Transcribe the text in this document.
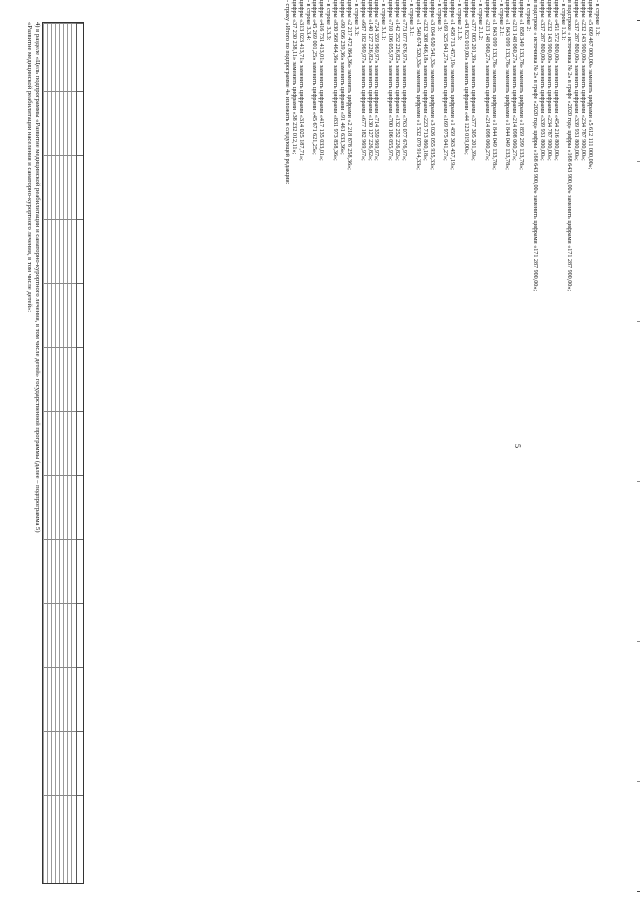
5
- в строке 1.3:
цифры «5 609 467 000,00» заменить цифрами «5 612 111 000,00»;
цифры «232 143 900,00» заменить цифрами «234 787 900,00»;
цифры «337 287 800,00» заменить цифрами «339 931 800,00»;
в подстроке « источника № 2» в графе «2020 год» цифры «168 643 900,00» заменить цифрами «171 287 900,00»;
- в строке 1.3.1:
цифры «451 572 800,00» заменить цифрами «454 216 800,00»;
цифры «232 143 900,00» заменить цифрами «234 787 900,00»;
цифры «337 287 800,00» заменить цифрами «339 931 800,00»;
в подстроке « источника № 2» в графе «2020 год» цифры «168 643 900,00» заменить цифрами «171 287 900,00»;
- в строке 2:
цифры «1 858 349 133,78» заменить цифрами «1 859 299 133,78»;
цифры «213 148 060,27» заменить цифрами «214 098 060,27»;
цифры «1 843 099 133,78» заменить цифрами «1 844 049 133,78»;
- в строке 2.1:
цифры «1 843 099 133,78» заменить цифрами «1 844 049 133,78»;
цифры «213 148 060,27» заменить цифрами «214 098 060,27»;
- в строке 2.1.2:
цифры «377 005 201,39» заменить цифрами «377 305 201,39»;
цифры «43 823 019,00» заменить цифрами «44 123 019,00»;
- в строке 2.1.3:
цифры «1 458 713 457,19» заменить цифрами «1 459 363 457,19»;
цифры «169 325 041,27» заменить цифрами «169 975 041,27»;
- в строке 3:
цифры «3 034 650 541,33» заменить цифрами «3 026 055 935,33»;
цифры «232 308 466,18» заменить цифрами «223 713 860,18»;
цифры «1 540 674 520,33» заменить цифрами «1 532 079 914,33»;
- в строке 3.1:
цифры «773 077 676,97» заменить цифрами «763 077 676,97»;
цифры «142 252 226,82» заменить цифрами «132 252 226,82»;
цифры «710 106 055,97» заменить цифрами «700 106 055,97»;
- в строке 3.1.1:
цифры «724 359 969,97» заменить цифрами «714 359 969,97»;
цифры «140 127 226,82» заменить цифрами «130 127 226,82»;
цифры «687 182 969,97» заменить цифрами «677 182 969,97»;
- в строке 3.3:
цифры «2 217 472 864,36» заменить цифрами «2 218 878 258,36»;
цифры «90 056 239,36» заменить цифрами «91 461 633,36»;
цифры «830 568 464,36» заменить цифрами «831 973 858,36»;
- в строке 3.3.3:
цифры «416 731 413,01» заменить цифрами «417 135 033,01»;
цифры «45 269 001,25» заменить цифрами «45 671 621,25»;
- в строке 3.3.4:
цифры «313 023 413,71» заменить цифрами «314 025 187,71»;
цифры «37 230 238,11» заменить цифрами «38 232 012,11»;
- строку «Итого по подпрограмме 4» изложить в следующей редакции:
4) в разделе «Цель подпрограммы «Развитие медицинской реабилитации и санаторно-курортного лечения, в том числе детей» государственной программы (далее – подпрограмма 5)
«Развитие медицинской реабилитации населения и санаторно-курортного лечения, в том числе детей»:
